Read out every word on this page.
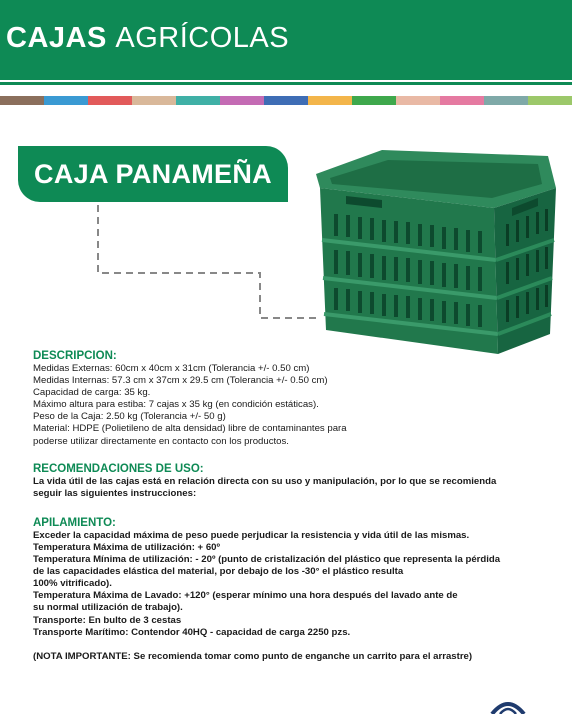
CAJAS AGRÍCOLAS
CAJA PANAMEÑA

DESCRIPCION:

Medidas Externas: 60cm x 40cm x 31cm (Tolerancia +/- 0.50 cm)

Medidas Internas: 57.3 cm x 37cm x 29.5 cm (Tolerancia +/- 0.50 cm)

Capacidad de carga: 35 kg.

Máximo altura para estiba: 7 cajas x 35 kg (en condición estáticas).

Peso de la Caja: 2.50 kg (Tolerancia +/- 50 g)

Material: HDPE (Polietileno de alta densidad) libre de contaminantes para

poderse utilizar directamente en contacto con los productos.

RECOMENDACIONES DE USO:

La vida útil de las cajas está en relación directa con su uso y manipulación, por lo que se recomienda

seguir las siguientes instrucciones:

APILAMIENTO:

Exceder la capacidad máxima de peso puede perjudicar la resistencia y vida útil de las mismas.

Temperatura Máxima de utilización: + 60º

Temperatura Mínima de utilización: - 20º (punto de cristalización del plástico que representa la pérdida

de las capacidades elástica del material, por debajo de los -30° el plástico resulta

100% vitrificado).

Temperatura Máxima de Lavado: +120° (esperar mínimo una hora después del lavado ante de

su normal utilización de trabajo).

Transporte: En bulto de 3 cestas

Transporte Marítimo: Contendor 40HQ - capacidad de carga 2250 pzs.

(NOTA IMPORTANTE: Se recomienda tomar como punto de enganche un carrito para el arrastre)
